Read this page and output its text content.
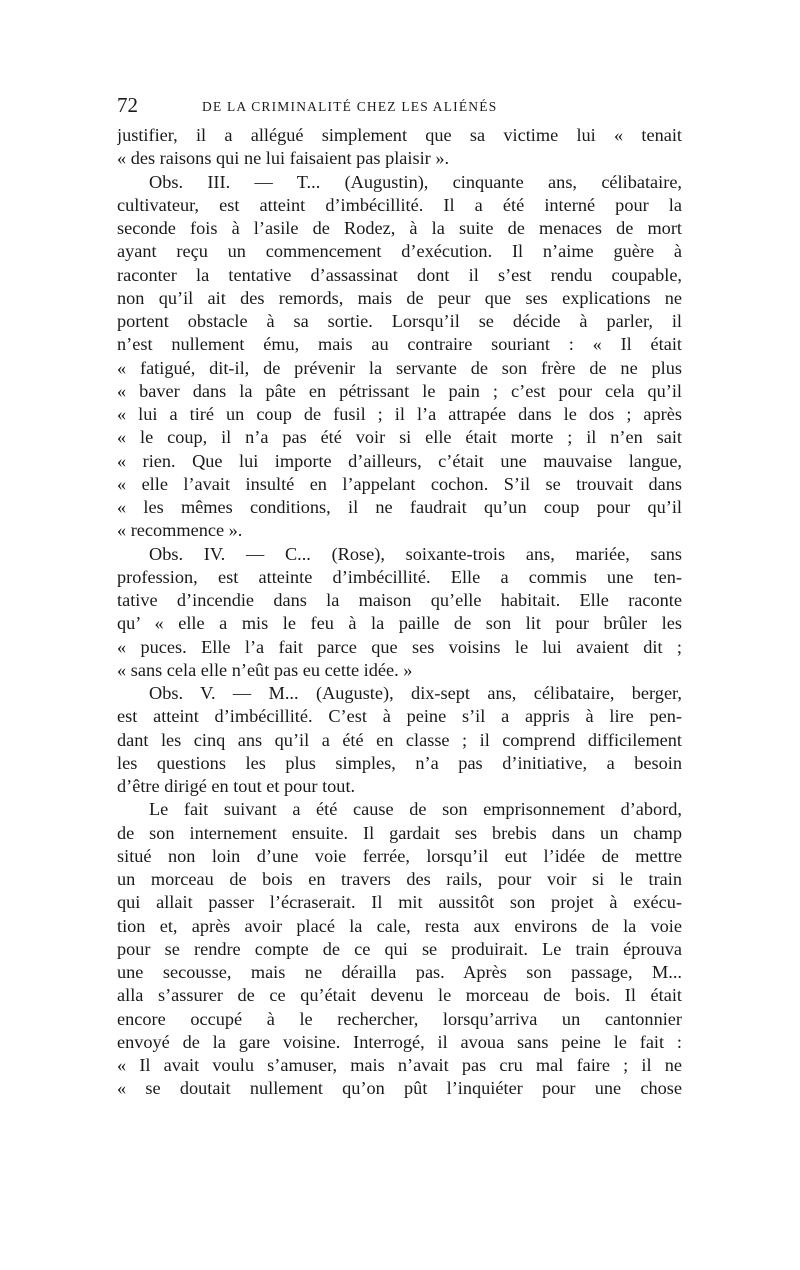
72	DE LA CRIMINALITÉ CHEZ LES ALIÉNÉS
justifier, il a allégué simplement que sa victime lui « tenait
« des raisons qui ne lui faisaient pas plaisir ».
Obs. III. — T... (Augustin), cinquante ans, célibataire,
cultivateur, est atteint d’imbécillité. Il a été interné pour la
seconde fois à l’asile de Rodez, à la suite de menaces de mort
ayant reçu un commencement d’exécution. Il n’aime guère à
raconter la tentative d’assassinat dont il s’est rendu coupable,
non qu’il ait des remords, mais de peur que ses explications ne
portent obstacle à sa sortie. Lorsqu’il se décide à parler, il
n’est nullement ému, mais au contraire souriant : « Il était
« fatigué, dit-il, de prévenir la servante de son frère de ne plus
« baver dans la pâte en pétrissant le pain ; c’est pour cela qu’il
« lui a tiré un coup de fusil ; il l’a attrapée dans le dos ; après
« le coup, il n’a pas été voir si elle était morte ; il n’en sait
« rien. Que lui importe d’ailleurs, c’était une mauvaise langue,
« elle l’avait insulté en l’appelant cochon. S’il se trouvait dans
« les mêmes conditions, il ne faudrait qu’un coup pour qu’il
« recommence ».
Obs. IV. — C... (Rose), soixante-trois ans, mariée, sans
profession, est atteinte d’imbécillité. Elle a commis une ten-
tative d’incendie dans la maison qu’elle habitait. Elle raconte
qu’ « elle a mis le feu à la paille de son lit pour brûler les
« puces. Elle l’a fait parce que ses voisins le lui avaient dit ;
« sans cela elle n’eût pas eu cette idée. »
Obs. V. — M... (Auguste), dix-sept ans, célibataire, berger,
est atteint d’imbécillité. C’est à peine s’il a appris à lire pen-
dant les cinq ans qu’il a été en classe ; il comprend difficilement
les questions les plus simples, n’a pas d’initiative, a besoin
d’être dirigé en tout et pour tout.
Le fait suivant a été cause de son emprisonnement d’abord,
de son internement ensuite. Il gardait ses brebis dans un champ
situé non loin d’une voie ferrée, lorsqu’il eut l’idée de mettre
un morceau de bois en travers des rails, pour voir si le train
qui allait passer l’écraserait. Il mit aussitôt son projet à exécu-
tion et, après avoir placé la cale, resta aux environs de la voie
pour se rendre compte de ce qui se produirait. Le train éprouva
une secousse, mais ne dérailla pas. Après son passage, M...
alla s’assurer de ce qu’était devenu le morceau de bois. Il était
encore occupé à le rechercher, lorsqu’arriva un cantonnier
envoyé de la gare voisine. Interrogé, il avoua sans peine le fait :
« Il avait voulu s’amuser, mais n’avait pas cru mal faire ; il ne
« se doutait nullement qu’on pût l’inquiéter pour une chose
